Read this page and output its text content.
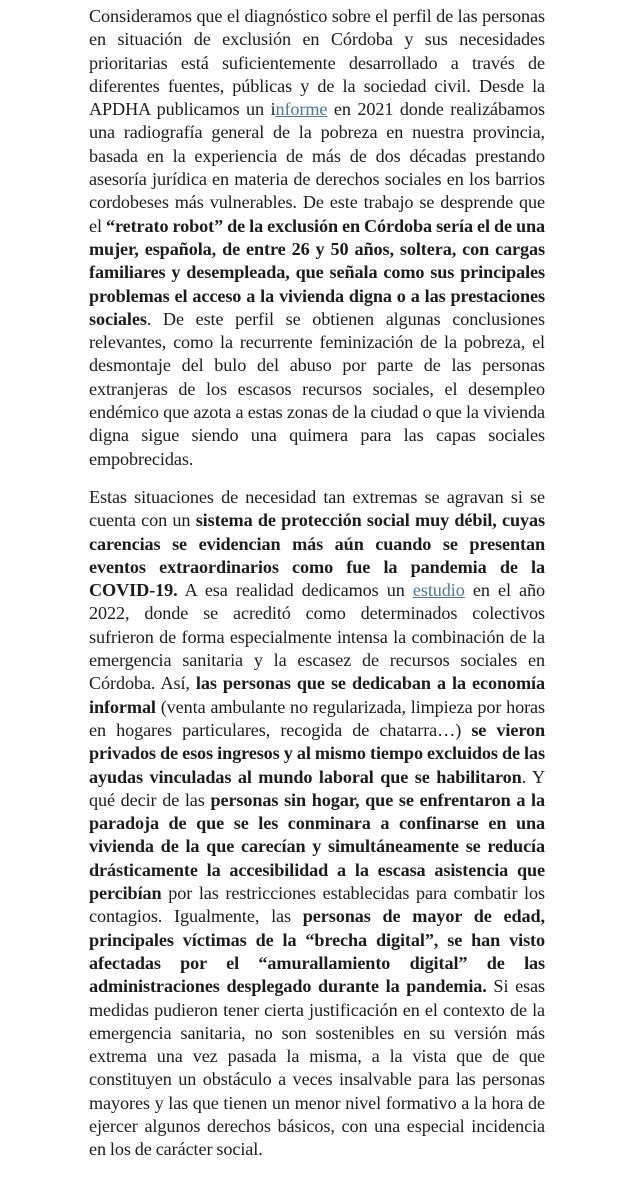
Consideramos que el diagnóstico sobre el perfil de las personas en situación de exclusión en Córdoba y sus necesidades prioritarias está suficientemente desarrollado a través de diferentes fuentes, públicas y de la sociedad civil. Desde la APDHA publicamos un informe en 2021 donde realizábamos una radiografía general de la pobreza en nuestra provincia, basada en la experiencia de más de dos décadas prestando asesoría jurídica en materia de derechos sociales en los barrios cordobeses más vulnerables. De este trabajo se desprende que el “retrato robot” de la exclusión en Córdoba sería el de una mujer, española, de entre 26 y 50 años, soltera, con cargas familiares y desempleada, que señala como sus principales problemas el acceso a la vivienda digna o a las prestaciones sociales. De este perfil se obtienen algunas conclusiones relevantes, como la recurrente feminización de la pobreza, el desmontaje del bulo del abuso por parte de las personas extranjeras de los escasos recursos sociales, el desempleo endémico que azota a estas zonas de la ciudad o que la vivienda digna sigue siendo una quimera para las capas sociales empobrecidas.

Estas situaciones de necesidad tan extremas se agravan si se cuenta con un sistema de protección social muy débil, cuyas carencias se evidencian más aún cuando se presentan eventos extraordinarios como fue la pandemia de la COVID-19. A esa realidad dedicamos un estudio en el año 2022, donde se acreditó como determinados colectivos sufrieron de forma especialmente intensa la combinación de la emergencia sanitaria y la escasez de recursos sociales en Córdoba. Así, las personas que se dedicaban a la economía informal (venta ambulante no regularizada, limpieza por horas en hogares particulares, recogida de chatarra…) se vieron privados de esos ingresos y al mismo tiempo excluidos de las ayudas vinculadas al mundo laboral que se habilitaron. Y qué decir de las personas sin hogar, que se enfrentaron a la paradoja de que se les conminara a confinarse en una vivienda de la que carecían y simultáneamente se reducía drásticamente la accesibilidad a la escasa asistencia que percibían por las restricciones establecidas para combatir los contagios. Igualmente, las personas de mayor de edad, principales víctimas de la “brecha digital”, se han visto afectadas por el “amurallamiento digital” de las administraciones desplegado durante la pandemia. Si esas medidas pudieron tener cierta justificación en el contexto de la emergencia sanitaria, no son sostenibles en su versión más extrema una vez pasada la misma, a la vista que de que constituyen un obstáculo a veces insalvable para las personas mayores y las que tienen un menor nivel formativo a la hora de ejercer algunos derechos básicos, con una especial incidencia en los de carácter social.
